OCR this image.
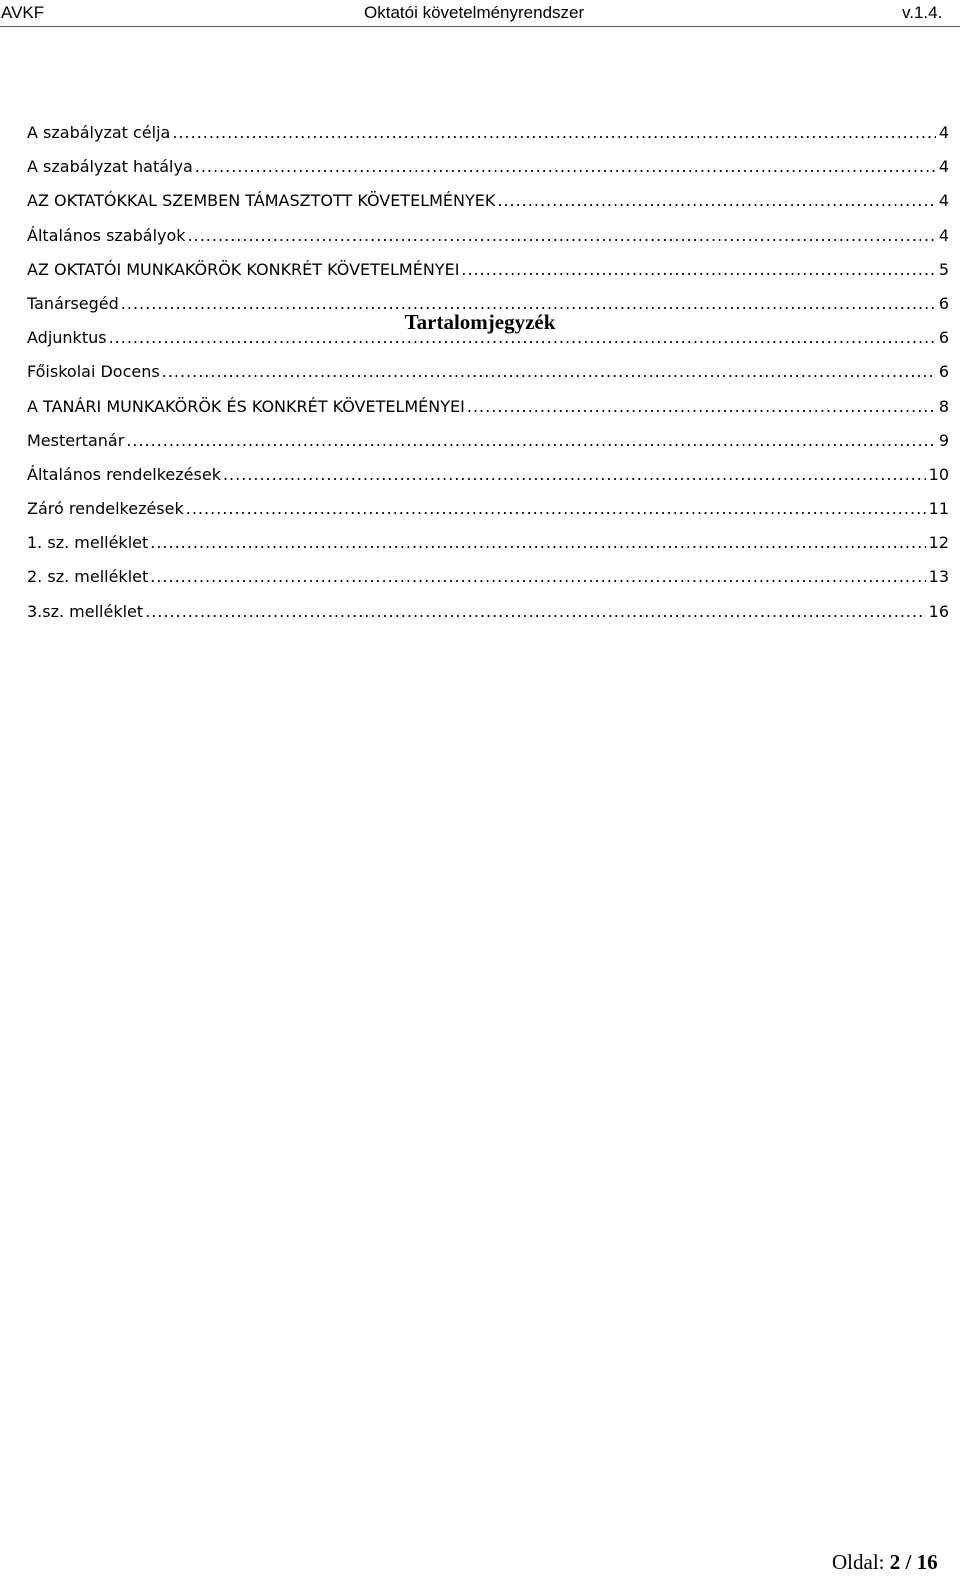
AVKF	Oktatói követelményrendszer	v.1.4.
Tartalomjegyzék
A szabályzat célja .....	4
A szabályzat hatálya .....	4
AZ OKTATÓKKAL SZEMBEN TÁMASZTOTT KÖVETELMÉNYEK .....	4
Általános szabályok .....	4
AZ OKTATÓI MUNKAKÖRÖK KONKRÉT KÖVETELMÉNYEI .....	5
Tanársegéd .....	6
Adjunktus .....	6
Főiskolai Docens .....	6
A TANÁRI MUNKAKÖRÖK ÉS KONKRÉT KÖVETELMÉNYEI .....	8
Mestertanár .....	9
Általános rendelkezések .....	10
Záró rendelkezések .....	11
1. sz. melléklet .....	12
2. sz. melléklet .....	13
3.sz. melléklet .....	16
Oldal: 2 / 16
